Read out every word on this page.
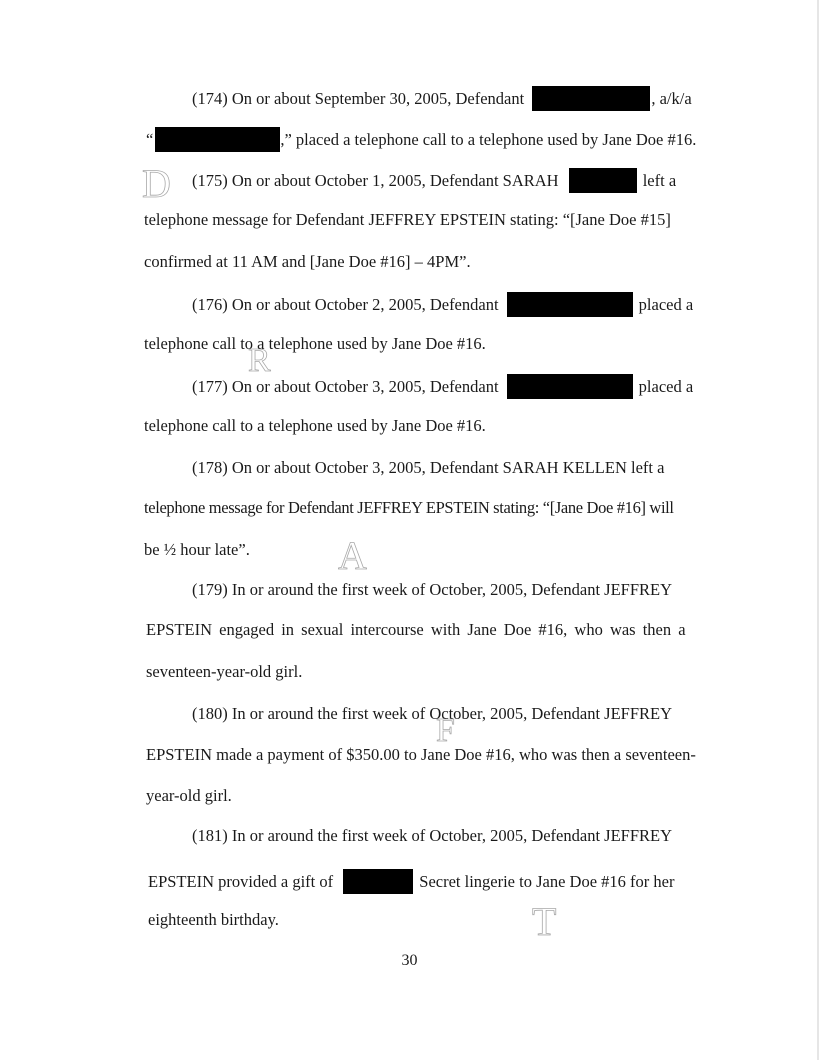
(174) On or about September 30, 2005, Defendant	, a/k/a
“	,” placed a telephone call to a telephone used by Jane Doe #16.
(175) On or about October 1, 2005, Defendant SARAH	left a
telephone message for Defendant JEFFREY EPSTEIN stating: “[Jane Doe #15]
confirmed at 11 AM and [Jane Doe #16] – 4PM”.
(176) On or about October 2, 2005, Defendant	placed a
telephone call to a telephone used by Jane Doe #16.
(177) On or about October 3, 2005, Defendant	placed a
telephone call to a telephone used by Jane Doe #16.
(178) On or about October 3, 2005, Defendant SARAH KELLEN left a
telephone message for Defendant JEFFREY EPSTEIN stating: “[Jane Doe #16] will
be ½ hour late”.
(179) In or around the first week of October, 2005, Defendant JEFFREY
EPSTEIN engaged in sexual intercourse with Jane Doe #16, who was then a
seventeen-year-old girl.
(180) In or around the first week of October, 2005, Defendant JEFFREY
EPSTEIN made a payment of $350.00 to Jane Doe #16, who was then a seventeen-
year-old girl.
(181) In or around the first week of October, 2005, Defendant JEFFREY
EPSTEIN provided a gift of	Secret lingerie to Jane Doe #16 for her
eighteenth birthday.
D
R
A
F
T
30
